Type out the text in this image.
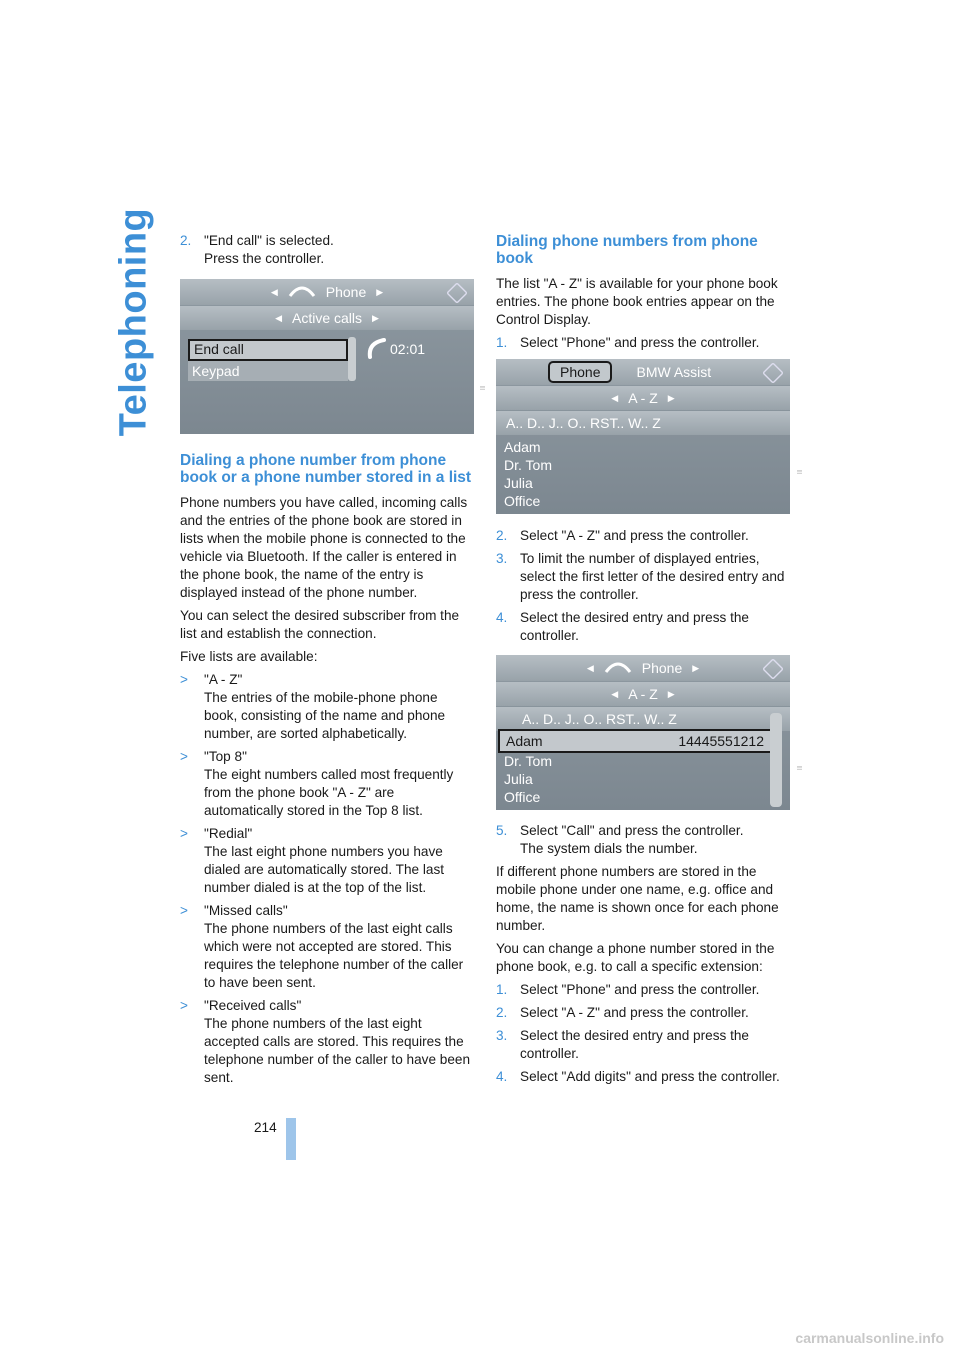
Telephoning 2. "End call" is selected.
Press the controller.
◀	Phone ▶
◀ Active calls ▶
End call
Keypad
02:01
|||
Dialing a phone number from phone book or a phone number stored in a list

Phone numbers you have called, incoming calls and the entries of the phone book are stored in lists when the mobile phone is connected to the vehicle via Bluetooth. If the caller is entered in the phone book, the name of the entry is displayed instead of the phone number.

You can select the desired subscriber from the list and establish the connection.

Five lists are available:

> "A - Z"
The entries of the mobile-phone phone book, consisting of the name and phone number, are sorted alphabetically.
> "Top 8"
The eight numbers called most frequently from the phone book "A - Z" are automatically stored in the Top 8 list.
> "Redial"
The last eight phone numbers you have dialed are automatically stored. The last number dialed is at the top of the list.
> "Missed calls"
The phone numbers of the last eight calls which were not accepted are stored. This requires the telephone number of the caller to have been sent.
> "Received calls"
The phone numbers of the last eight accepted calls are stored. This requires the telephone number of the caller to have been sent.
Dialing phone numbers from phone book

The list "A - Z" is available for your phone book entries. The phone book entries appear on the Control Display.

1. Select "Phone" and press the controller.
Phone	BMW Assist
◀ A - Z ▶
A.. D.. J.. O.. RST.. W.. Z
Adam
Dr. Tom
Julia
Office
|||
2. Select "A - Z" and press the controller.
3. To limit the number of displayed entries, select the first letter of the desired entry and press the controller.
4. Select the desired entry and press the controller.
◀	Phone ▶
◀ A - Z ▶
A.. D.. J.. O.. RST.. W.. Z
Adam	14445551212
Dr. Tom
Julia
Office
|||
5. Select "Call" and press the controller.
The system dials the number.

If different phone numbers are stored in the mobile phone under one name, e.g. office and home, the name is shown once for each phone number.

You can change a phone number stored in the phone book, e.g. to call a specific extension:

1. Select "Phone" and press the controller.
2. Select "A - Z" and press the controller.
3. Select the desired entry and press the controller.
4. Select "Add digits" and press the controller.
214
carmanualsonline.info
